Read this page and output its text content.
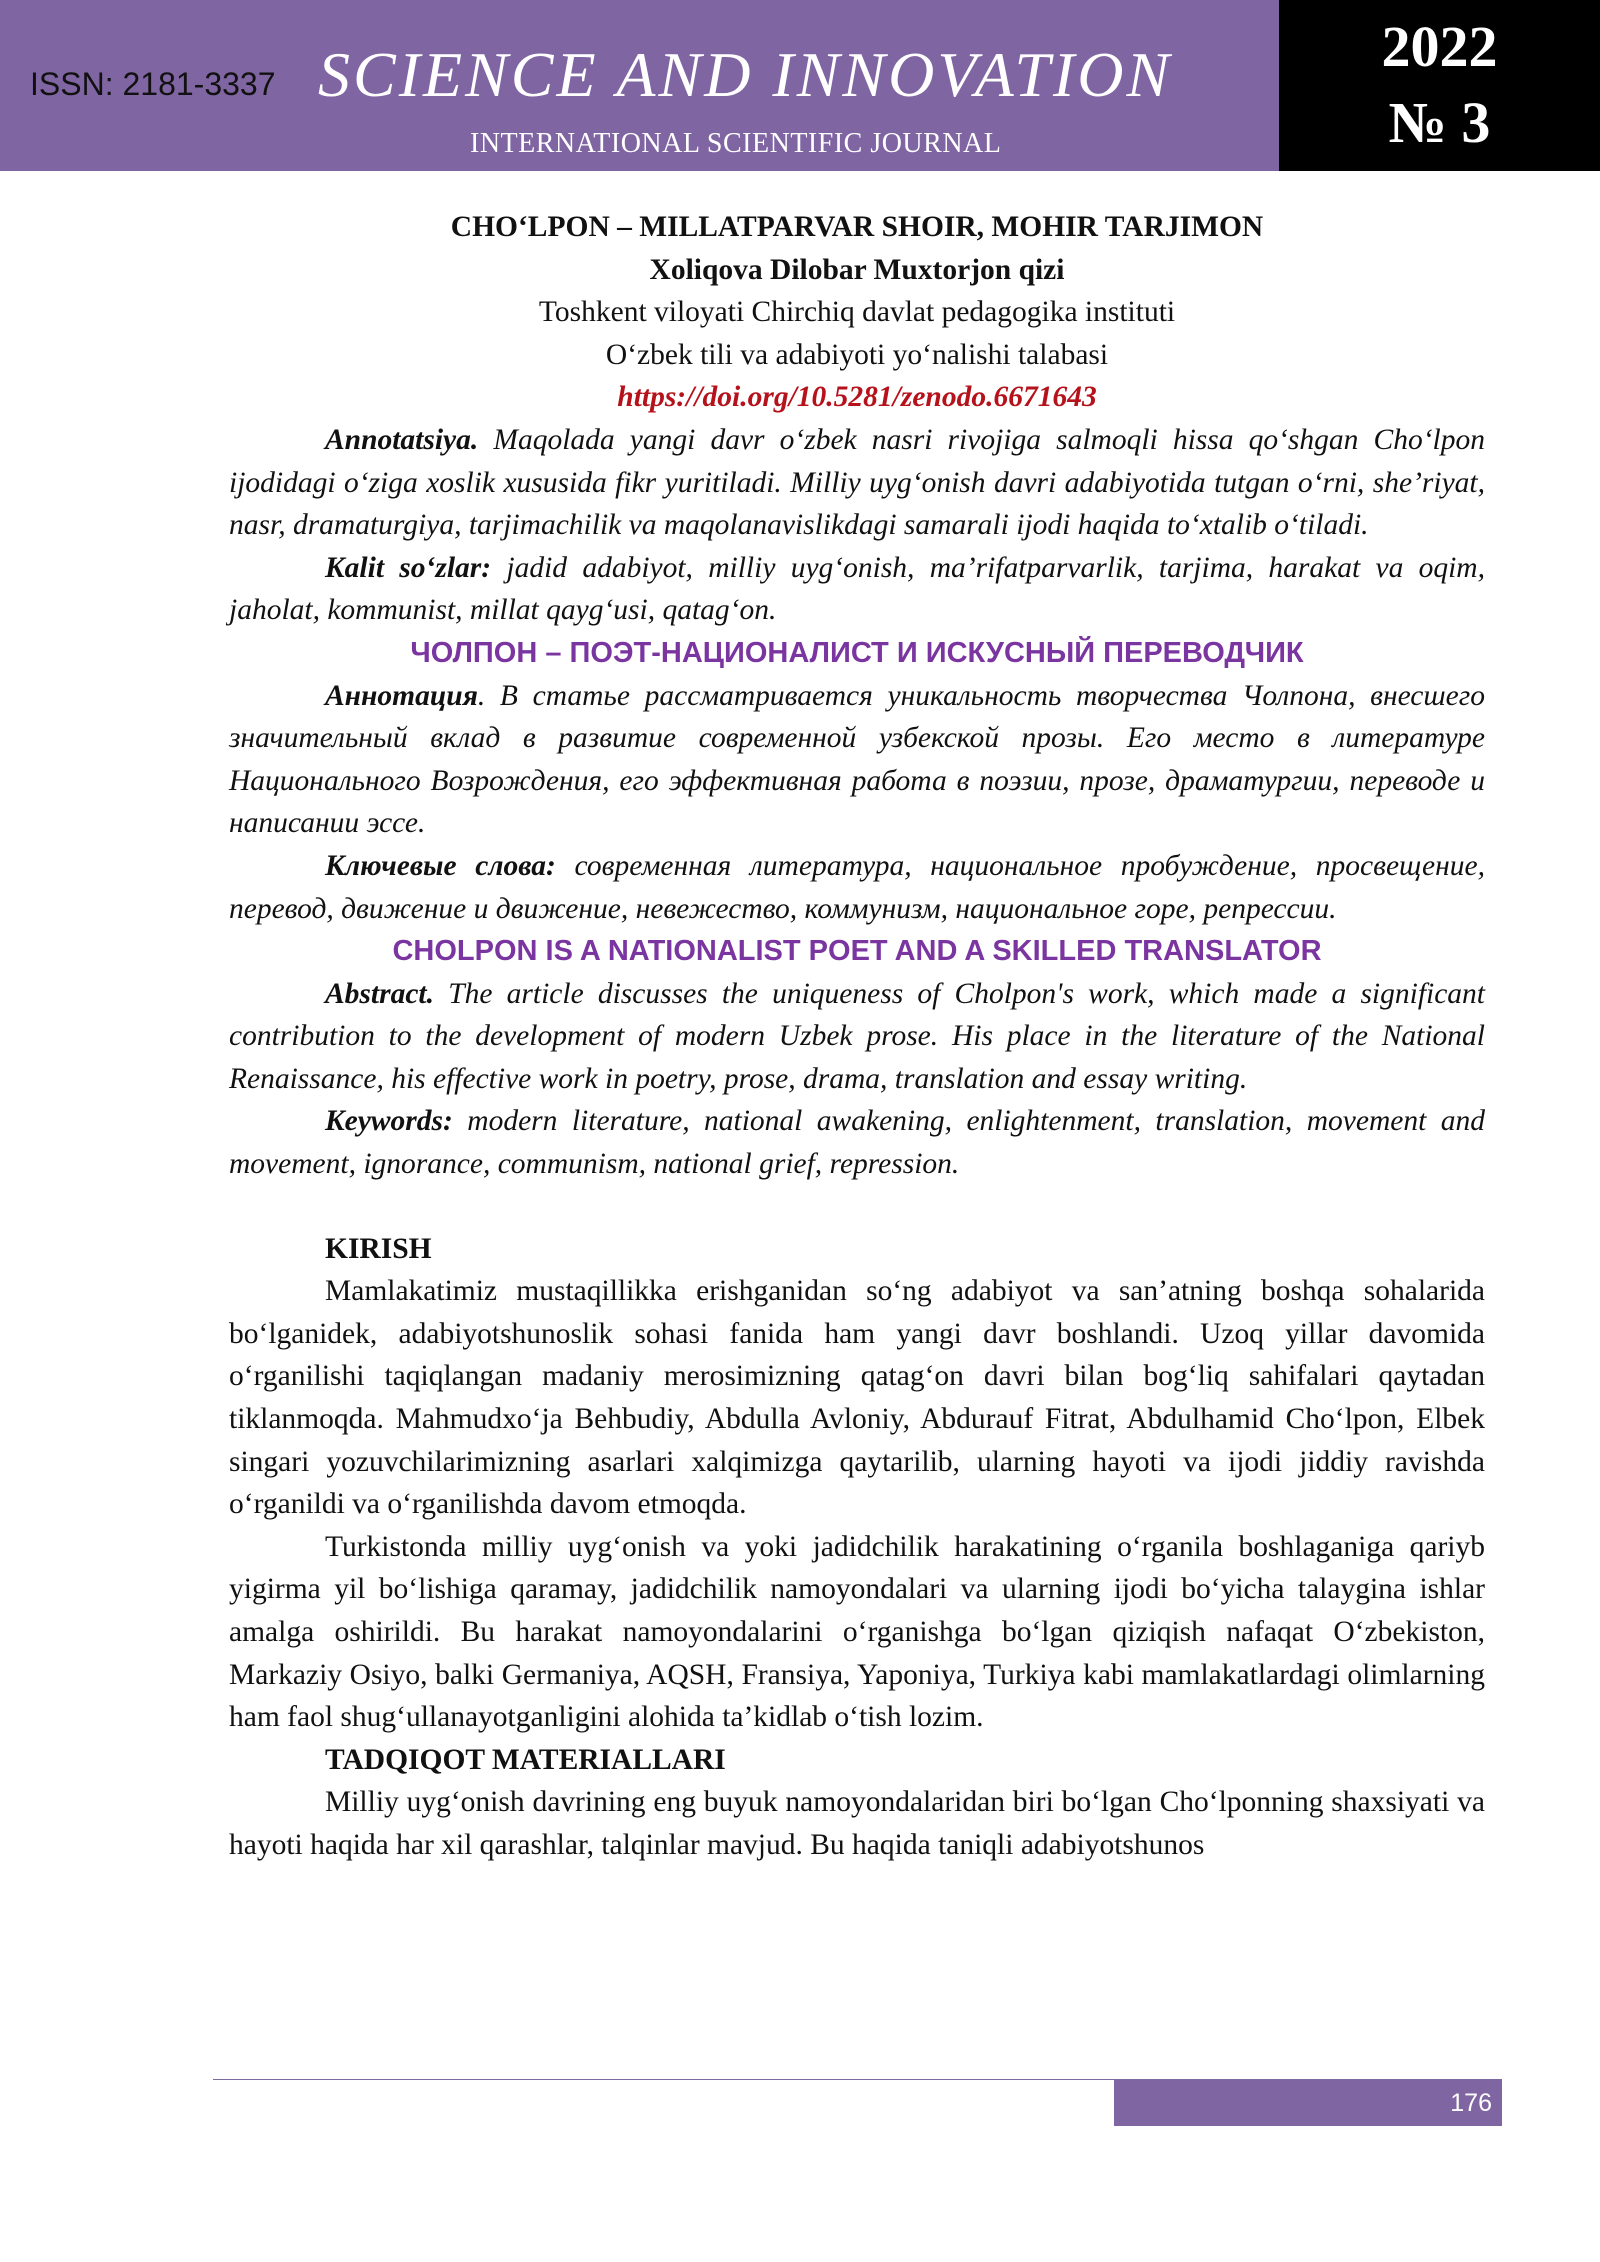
ISSN: 2181-3337 SCIENCE AND INNOVATION
INTERNATIONAL SCIENTIFIC JOURNAL
2022
№ 3
CHO‘LPON – MILLATPARVAR SHOIR, MOHIR TARJIMON
Xoliqova Dilobar Muxtorjon qizi
Toshkent viloyati Chirchiq davlat pedagogika instituti
O‘zbek tili va adabiyoti yo‘nalishi talabasi
https://doi.org/10.5281/zenodo.6671643

Annotatsiya. Maqolada yangi davr o‘zbek nasri rivojiga salmoqli hissa qo‘shgan Cho‘lpon ijodidagi o‘ziga xoslik xususida fikr yuritiladi. Milliy uyg‘onish davri adabiyotida tutgan o‘rni, she’riyat, nasr, dramaturgiya, tarjimachilik va maqolanavislikdagi samarali ijodi haqida to‘xtalib o‘tiladi.

Kalit so‘zlar: jadid adabiyot, milliy uyg‘onish, ma’rifatparvarlik, tarjima, harakat va oqim, jaholat, kommunist, millat qayg‘usi, qatag‘on.

ЧОЛПОН – ПОЭТ-НАЦИОНАЛИСТ И ИСКУСНЫЙ ПЕРЕВОДЧИК

Аннотация. В статье рассматривается уникальность творчества Чолпона, внесшего значительный вклад в развитие современной узбекской прозы. Его место в литературе Национального Возрождения, его эффективная работа в поэзии, прозе, драматургии, переводе и написании эссе.

Ключевые слова: современная литература, национальное пробуждение, просвещение, перевод, движение и движение, невежество, коммунизм, национальное горе, репрессии.

CHOLPON IS A NATIONALIST POET AND A SKILLED TRANSLATOR

Abstract. The article discusses the uniqueness of Cholpon's work, which made a significant contribution to the development of modern Uzbek prose. His place in the literature of the National Renaissance, his effective work in poetry, prose, drama, translation and essay writing.

Keywords: modern literature, national awakening, enlightenment, translation, movement and movement, ignorance, communism, national grief, repression.

KIRISH

Mamlakatimiz mustaqillikka erishganidan so‘ng adabiyot va san’atning boshqa sohalarida bo‘lganidek, adabiyotshunoslik sohasi fanida ham yangi davr boshlandi. Uzoq yillar davomida o‘rganilishi taqiqlangan madaniy merosimizning qatag‘on davri bilan bog‘liq sahifalari qaytadan tiklanmoqda. Mahmudxo‘ja Behbudiy, Abdulla Avloniy, Abdurauf Fitrat, Abdulhamid Cho‘lpon, Elbek singari yozuvchilarimizning asarlari xalqimizga qaytarilib, ularning hayoti va ijodi jiddiy ravishda o‘rganildi va o‘rganilishda davom etmoqda.

Turkistonda milliy uyg‘onish va yoki jadidchilik harakatining o‘rganila boshlaganiga qariyb yigirma yil bo‘lishiga qaramay, jadidchilik namoyondalari va ularning ijodi bo‘yicha talaygina ishlar amalga oshirildi. Bu harakat namoyondalarini o‘rganishga bo‘lgan qiziqish nafaqat O‘zbekiston, Markaziy Osiyo, balki Germaniya, AQSH, Fransiya, Yaponiya, Turkiya kabi mamlakatlardagi olimlarning ham faol shug‘ullanayotganligini alohida ta’kidlab o‘tish lozim.

TADQIQOT MATERIALLARI

Milliy uyg‘onish davrining eng buyuk namoyondalaridan biri bo‘lgan Cho‘lponning shaxsiyati va hayoti haqida har xil qarashlar, talqinlar mavjud. Bu haqida taniqli adabiyotshunos

176
